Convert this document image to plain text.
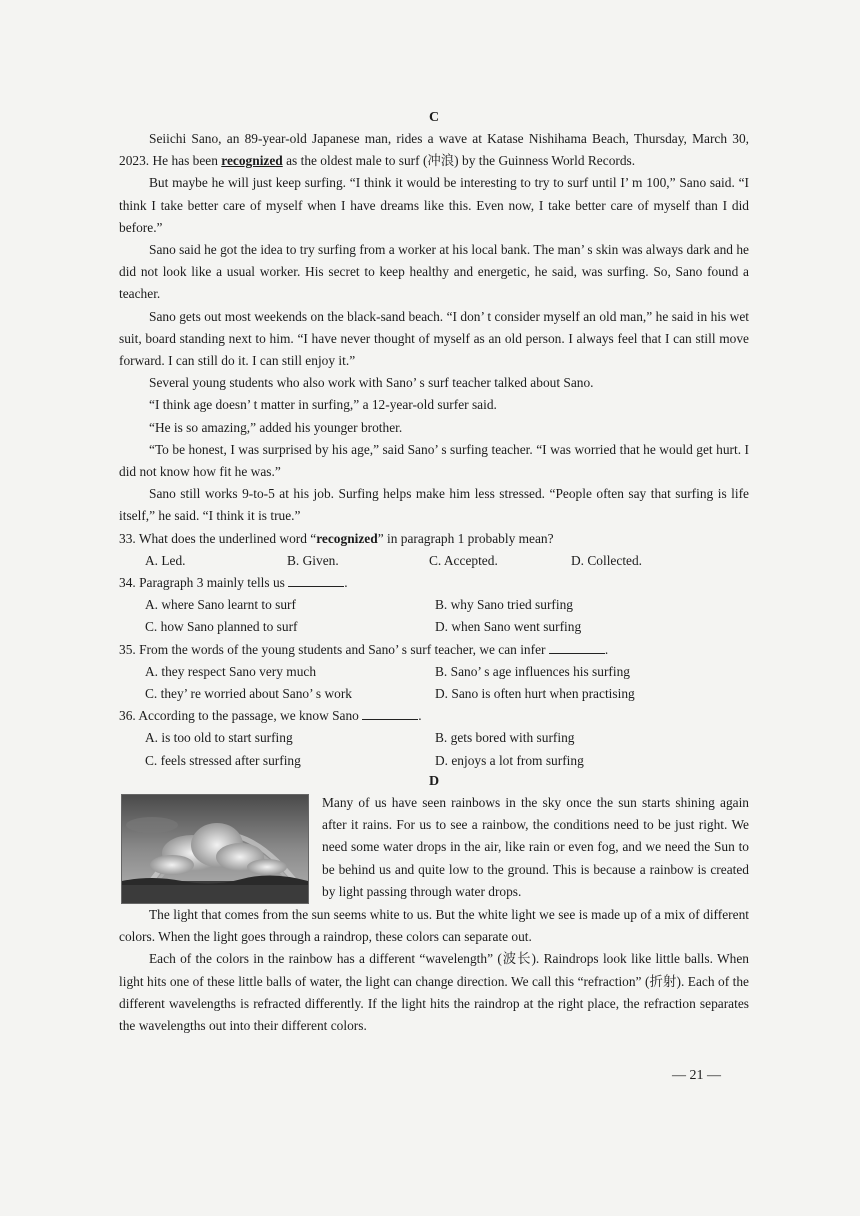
C

Seiichi Sano, an 89-year-old Japanese man, rides a wave at Katase Nishihama Beach, Thursday, March 30, 2023. He has been recognized as the oldest male to surf (冲浪) by the Guinness World Records.

But maybe he will just keep surfing. “I think it would be interesting to try to surf until I’ m 100,” Sano said. “I think I take better care of myself when I have dreams like this. Even now, I take better care of myself than I did before.”

Sano said he got the idea to try surfing from a worker at his local bank. The man’ s skin was always dark and he did not look like a usual worker. His secret to keep healthy and energetic, he said, was surfing. So, Sano found a teacher.

Sano gets out most weekends on the black-sand beach. “I don’ t consider myself an old man,” he said in his wet suit, board standing next to him. “I have never thought of myself as an old person. I always feel that I can still move forward. I can still do it. I can still enjoy it.”

Several young students who also work with Sano’ s surf teacher talked about Sano.

“I think age doesn’ t matter in surfing,” a 12-year-old surfer said.

“He is so amazing,” added his younger brother.

“To be honest, I was surprised by his age,” said Sano’ s surfing teacher. “I was worried that he would get hurt. I did not know how fit he was.”

Sano still works 9-to-5 at his job. Surfing helps make him less stressed. “People often say that surfing is life itself,” he said. “I think it is true.”

33. What does the underlined word “recognized” in paragraph 1 probably mean?

A. Led.	B. Given.	C. Accepted.	D. Collected.

34. Paragraph 3 mainly tells us	.

A. where Sano learnt to surf	B. why Sano tried surfing
C. how Sano planned to surf	D. when Sano went surfing

35. From the words of the young students and Sano’ s surf teacher, we can infer	.

A. they respect Sano very much	B. Sano’ s age influences his surfing
C. they’ re worried about Sano’ s work	D. Sano is often hurt when practising

36. According to the passage, we know Sano	.

A. is too old to start surfing	B. gets bored with surfing
C. feels stressed after surfing	D. enjoys a lot from surfing

D

Many of us have seen rainbows in the sky once the sun starts shining again after it rains. For us to see a rainbow, the conditions need to be just right. We need some water drops in the air, like rain or even fog, and we need the Sun to be behind us and quite low to the ground. This is because a rainbow is created by light passing through water drops.

The light that comes from the sun seems white to us. But the white light we see is made up of a mix of different colors. When the light goes through a raindrop, these colors can separate out.

Each of the colors in the rainbow has a different “wavelength” (波长). Raindrops look like little balls. When light hits one of these little balls of water, the light can change direction. We call this “refraction” (折射). Each of the different wavelengths is refracted differently. If the light hits the raindrop at the right place, the refraction separates the wavelengths out into their different colors.

— 21 —
